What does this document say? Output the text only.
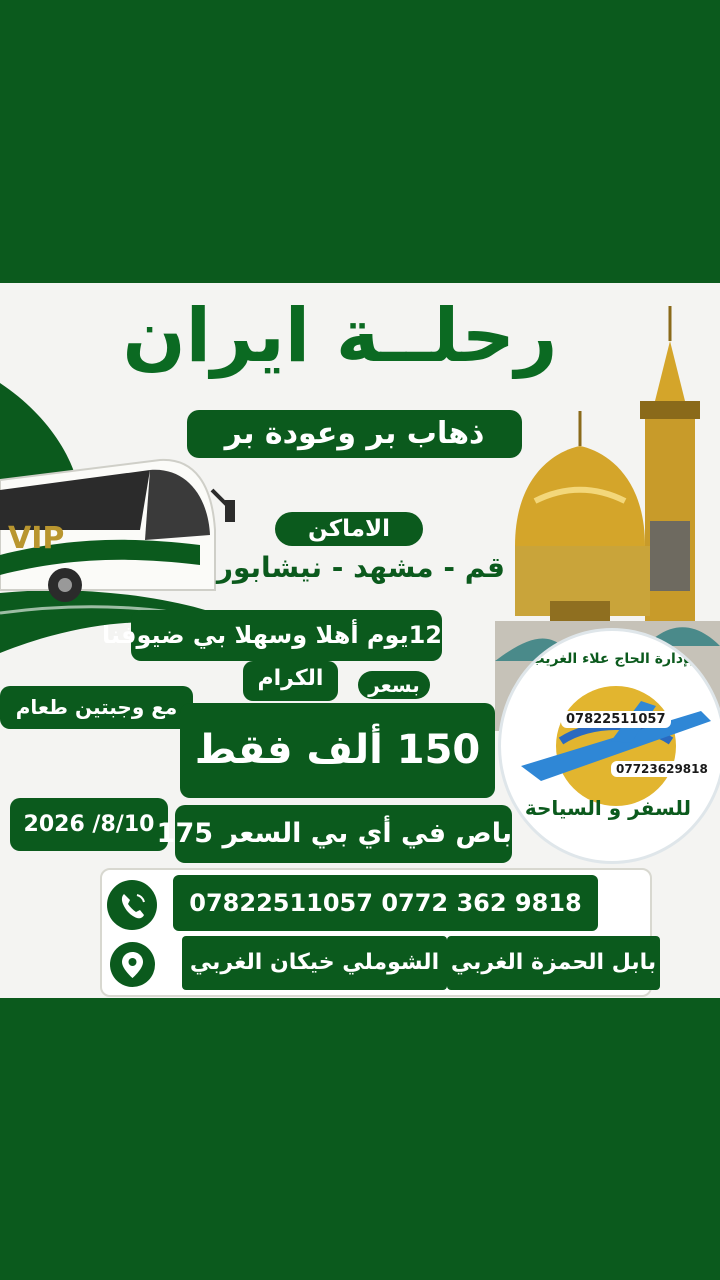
VIP
رحلــة ايران
ذهاب بر وعودة بر
الاماكن
قم - مشهد - نيشابور
12يوم أهلا وسهلا بي ضيوفنا
الكرام	بسعر
مع وجبتين طعام
150 ألف فقط
2026 /8/10 باص في أي بي السعر 175
بإدارة الحاج علاء الغريب
07822511057
07723629818
للسفر و السياحة
07822511057 0772 362 9818
بابل الحمزة الغربي
الشوملي خيكان الغربي
